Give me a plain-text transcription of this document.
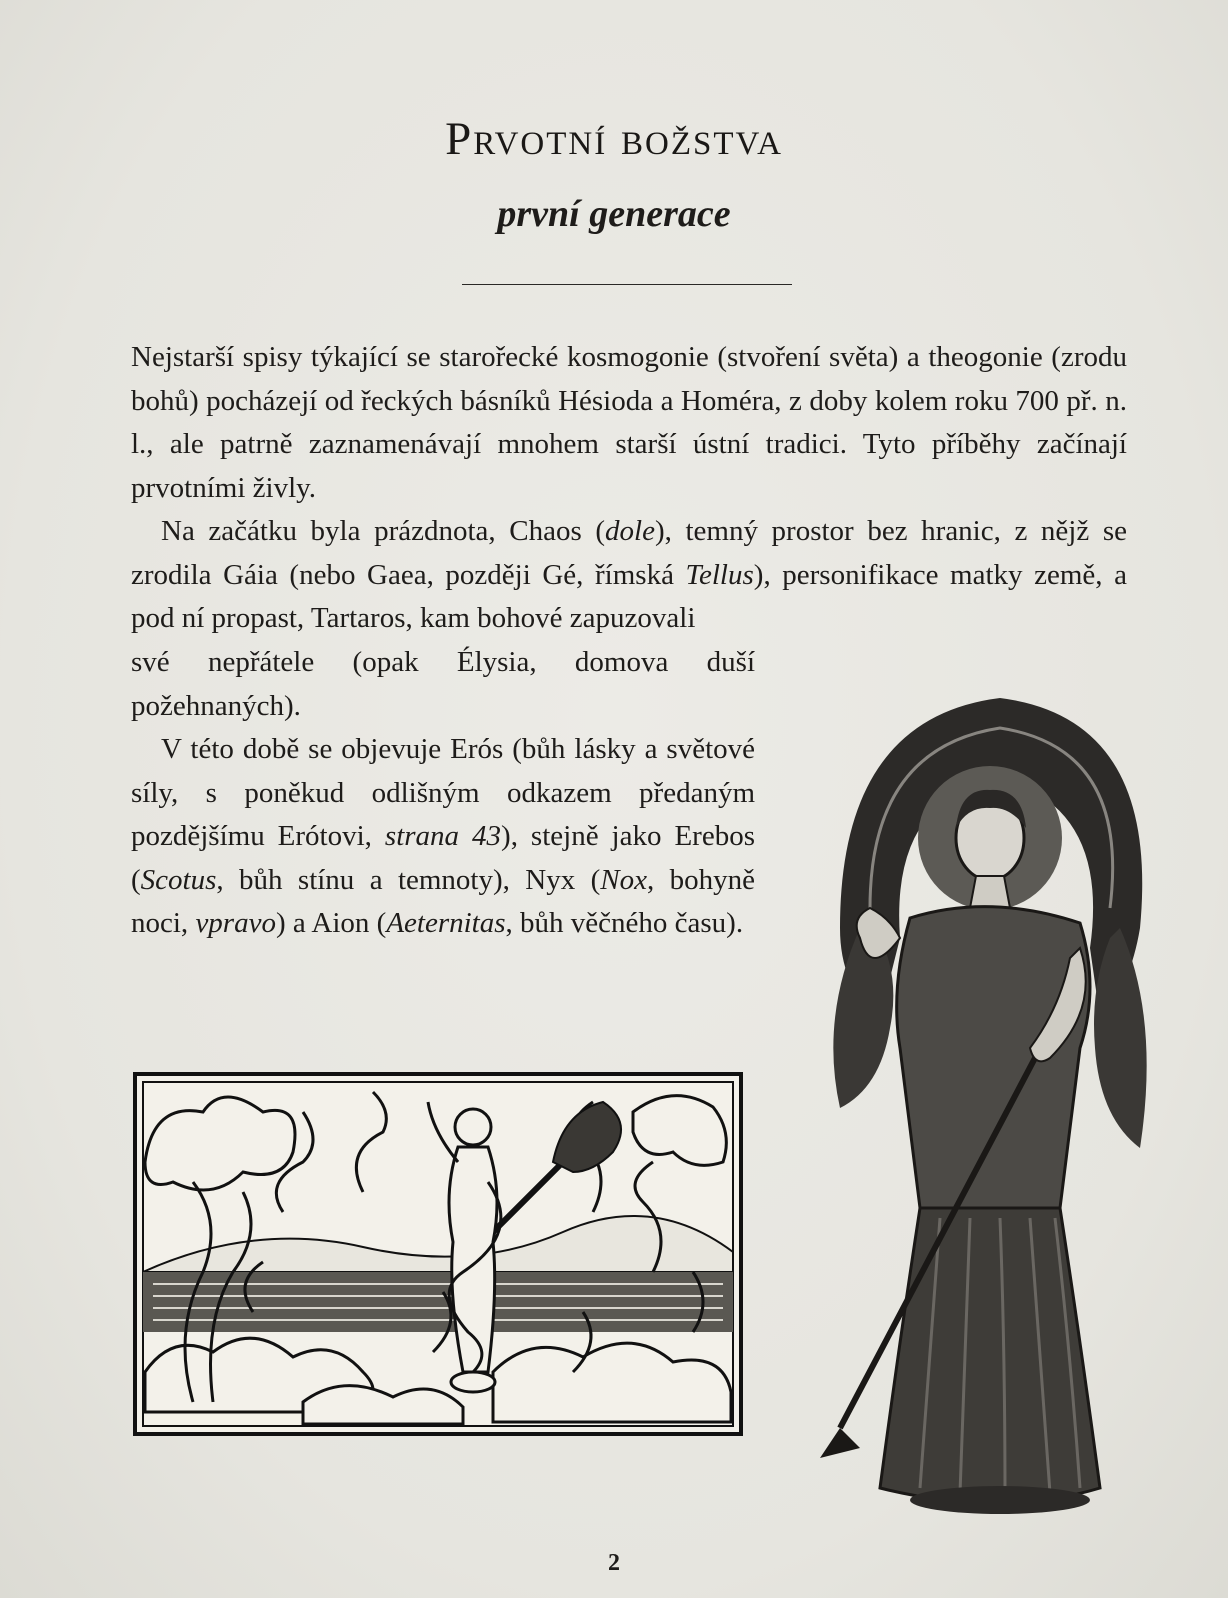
Prvotní božstva
první generace

Nejstarší spisy týkající se starořecké kosmogonie (stvoření světa) a theogonie (zrodu bohů) pocházejí od řeckých básníků Hésioda a Homéra, z doby kolem roku 700 př. n. l., ale patrně zaznamenávají mnohem starší ústní tradici. Tyto příběhy začínají prvotními živly.

Na začátku byla prázdnota, Chaos (dole), temný prostor bez hranic, z nějž se zrodila Gáia (nebo Gaea, později Gé, římská Tellus), personifikace matky země, a pod ní propast, Tartaros, kam bohové zapuzovali

své nepřátele (opak Élysia, domova duší požehnaných).

V této době se objevuje Erós (bůh lásky a světové síly, s poněkud odlišným odkazem předaným pozdějšímu Erótovi, strana 43), stejně jako Erebos (Scotus, bůh stínu a temnoty), Nyx (Nox, bohyně noci, vpravo) a Aion (Aeternitas, bůh věčného času).

2
